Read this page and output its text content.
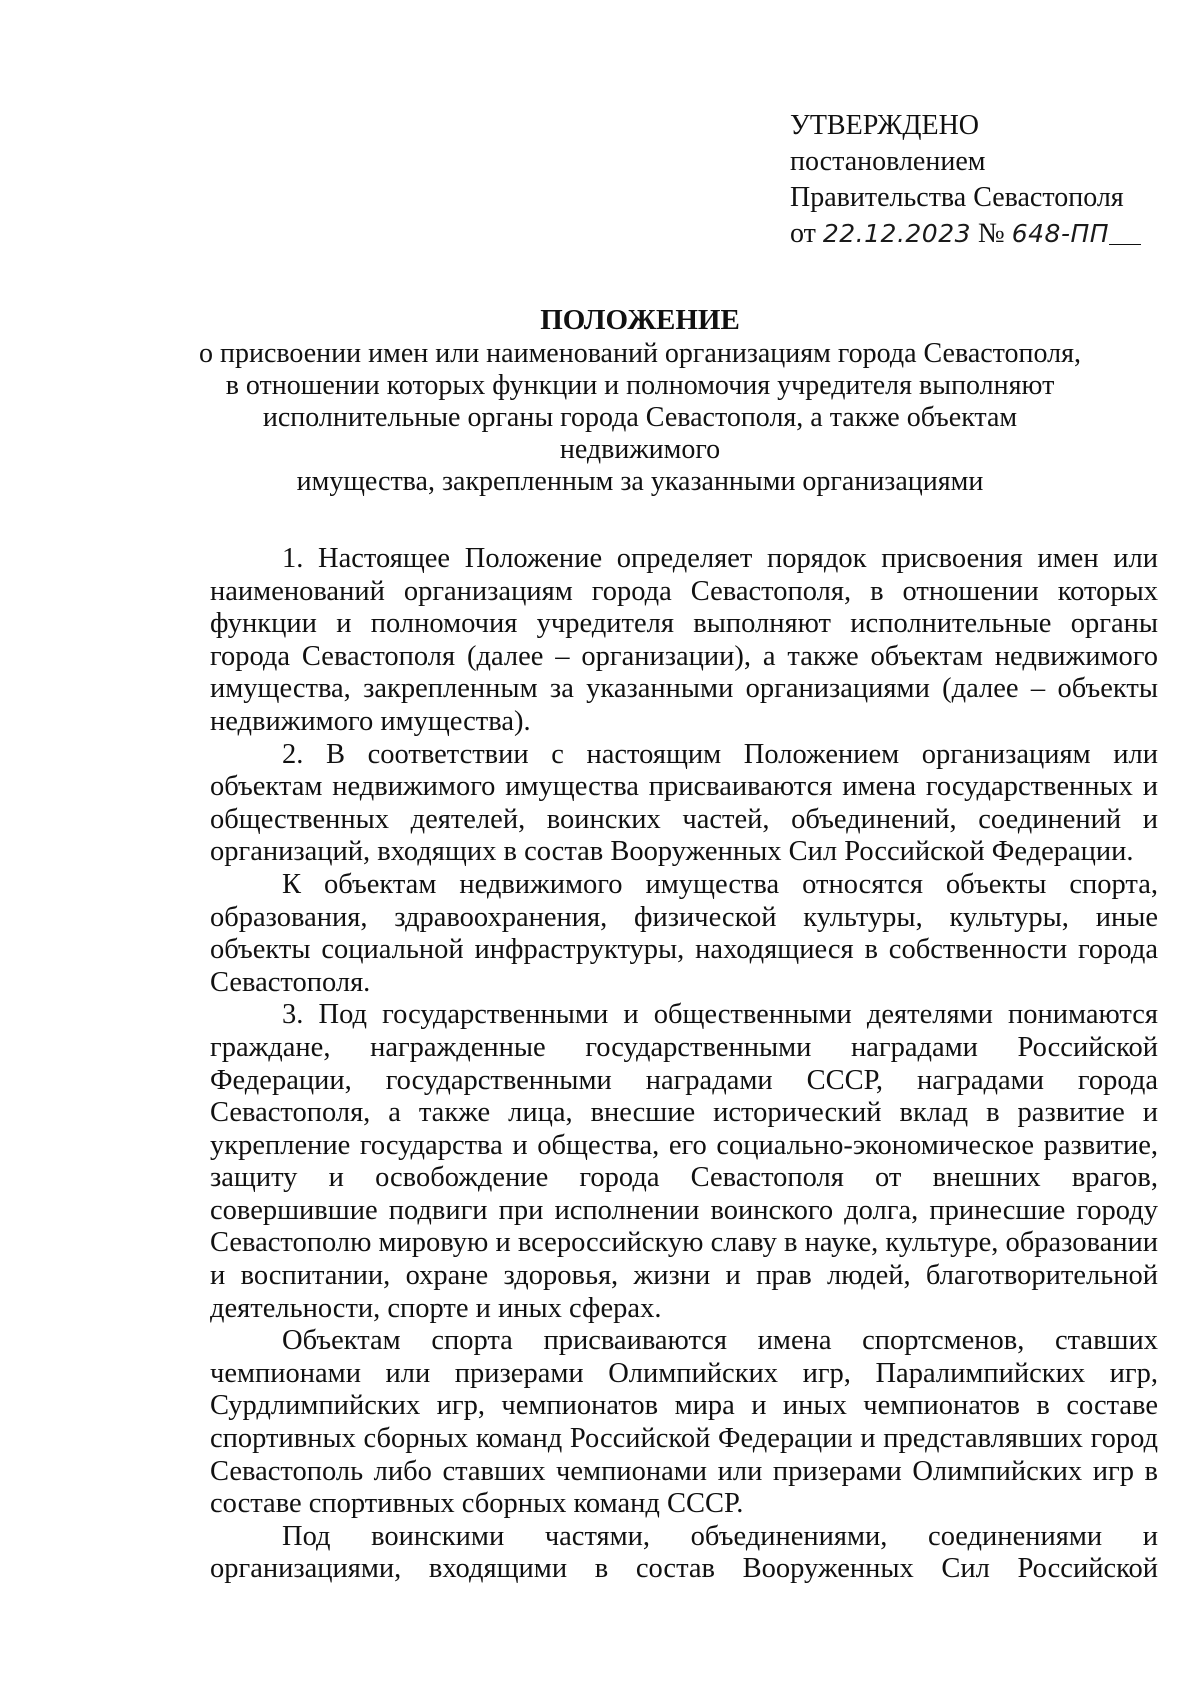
УТВЕРЖДЕНО
постановлением
Правительства Севастополя
от 22.12.2023 № 648-ПП
ПОЛОЖЕНИЕ
о присвоении имен или наименований организациям города Севастополя,
в отношении которых функции и полномочия учредителя выполняют
исполнительные органы города Севастополя, а также объектам недвижимого
имущества, закрепленным за указанными организациями

1. Настоящее Положение определяет порядок присвоения имен или наименований организациям города Севастополя, в отношении которых функции и полномочия учредителя выполняют исполнительные органы города Севастополя (далее – организации), а также объектам недвижимого имущества, закрепленным за указанными организациями (далее – объекты недвижимого имущества).

2. В соответствии с настоящим Положением организациям или объектам недвижимого имущества присваиваются имена государственных и общественных деятелей, воинских частей, объединений, соединений и организаций, входящих в состав Вооруженных Сил Российской Федерации.

К объектам недвижимого имущества относятся объекты спорта, образования, здравоохранения, физической культуры, культуры, иные объекты социальной инфраструктуры, находящиеся в собственности города Севастополя.

3. Под государственными и общественными деятелями понимаются граждане, награжденные государственными наградами Российской Федерации, государственными наградами СССР, наградами города Севастополя, а также лица, внесшие исторический вклад в развитие и укрепление государства и общества, его социально-экономическое развитие, защиту и освобождение города Севастополя от внешних врагов, совершившие подвиги при исполнении воинского долга, принесшие городу Севастополю мировую и всероссийскую славу в науке, культуре, образовании и воспитании, охране здоровья, жизни и прав людей, благотворительной деятельности, спорте и иных сферах.

Объектам спорта присваиваются имена спортсменов, ставших чемпионами или призерами Олимпийских игр, Паралимпийских игр, Сурдлимпийских игр, чемпионатов мира и иных чемпионатов в составе спортивных сборных команд Российской Федерации и представлявших город Севастополь либо ставших чемпионами или призерами Олимпийских игр в составе спортивных сборных команд СССР.

Под воинскими частями, объединениями, соединениями и организациями, входящими в состав Вооруженных Сил Российской
